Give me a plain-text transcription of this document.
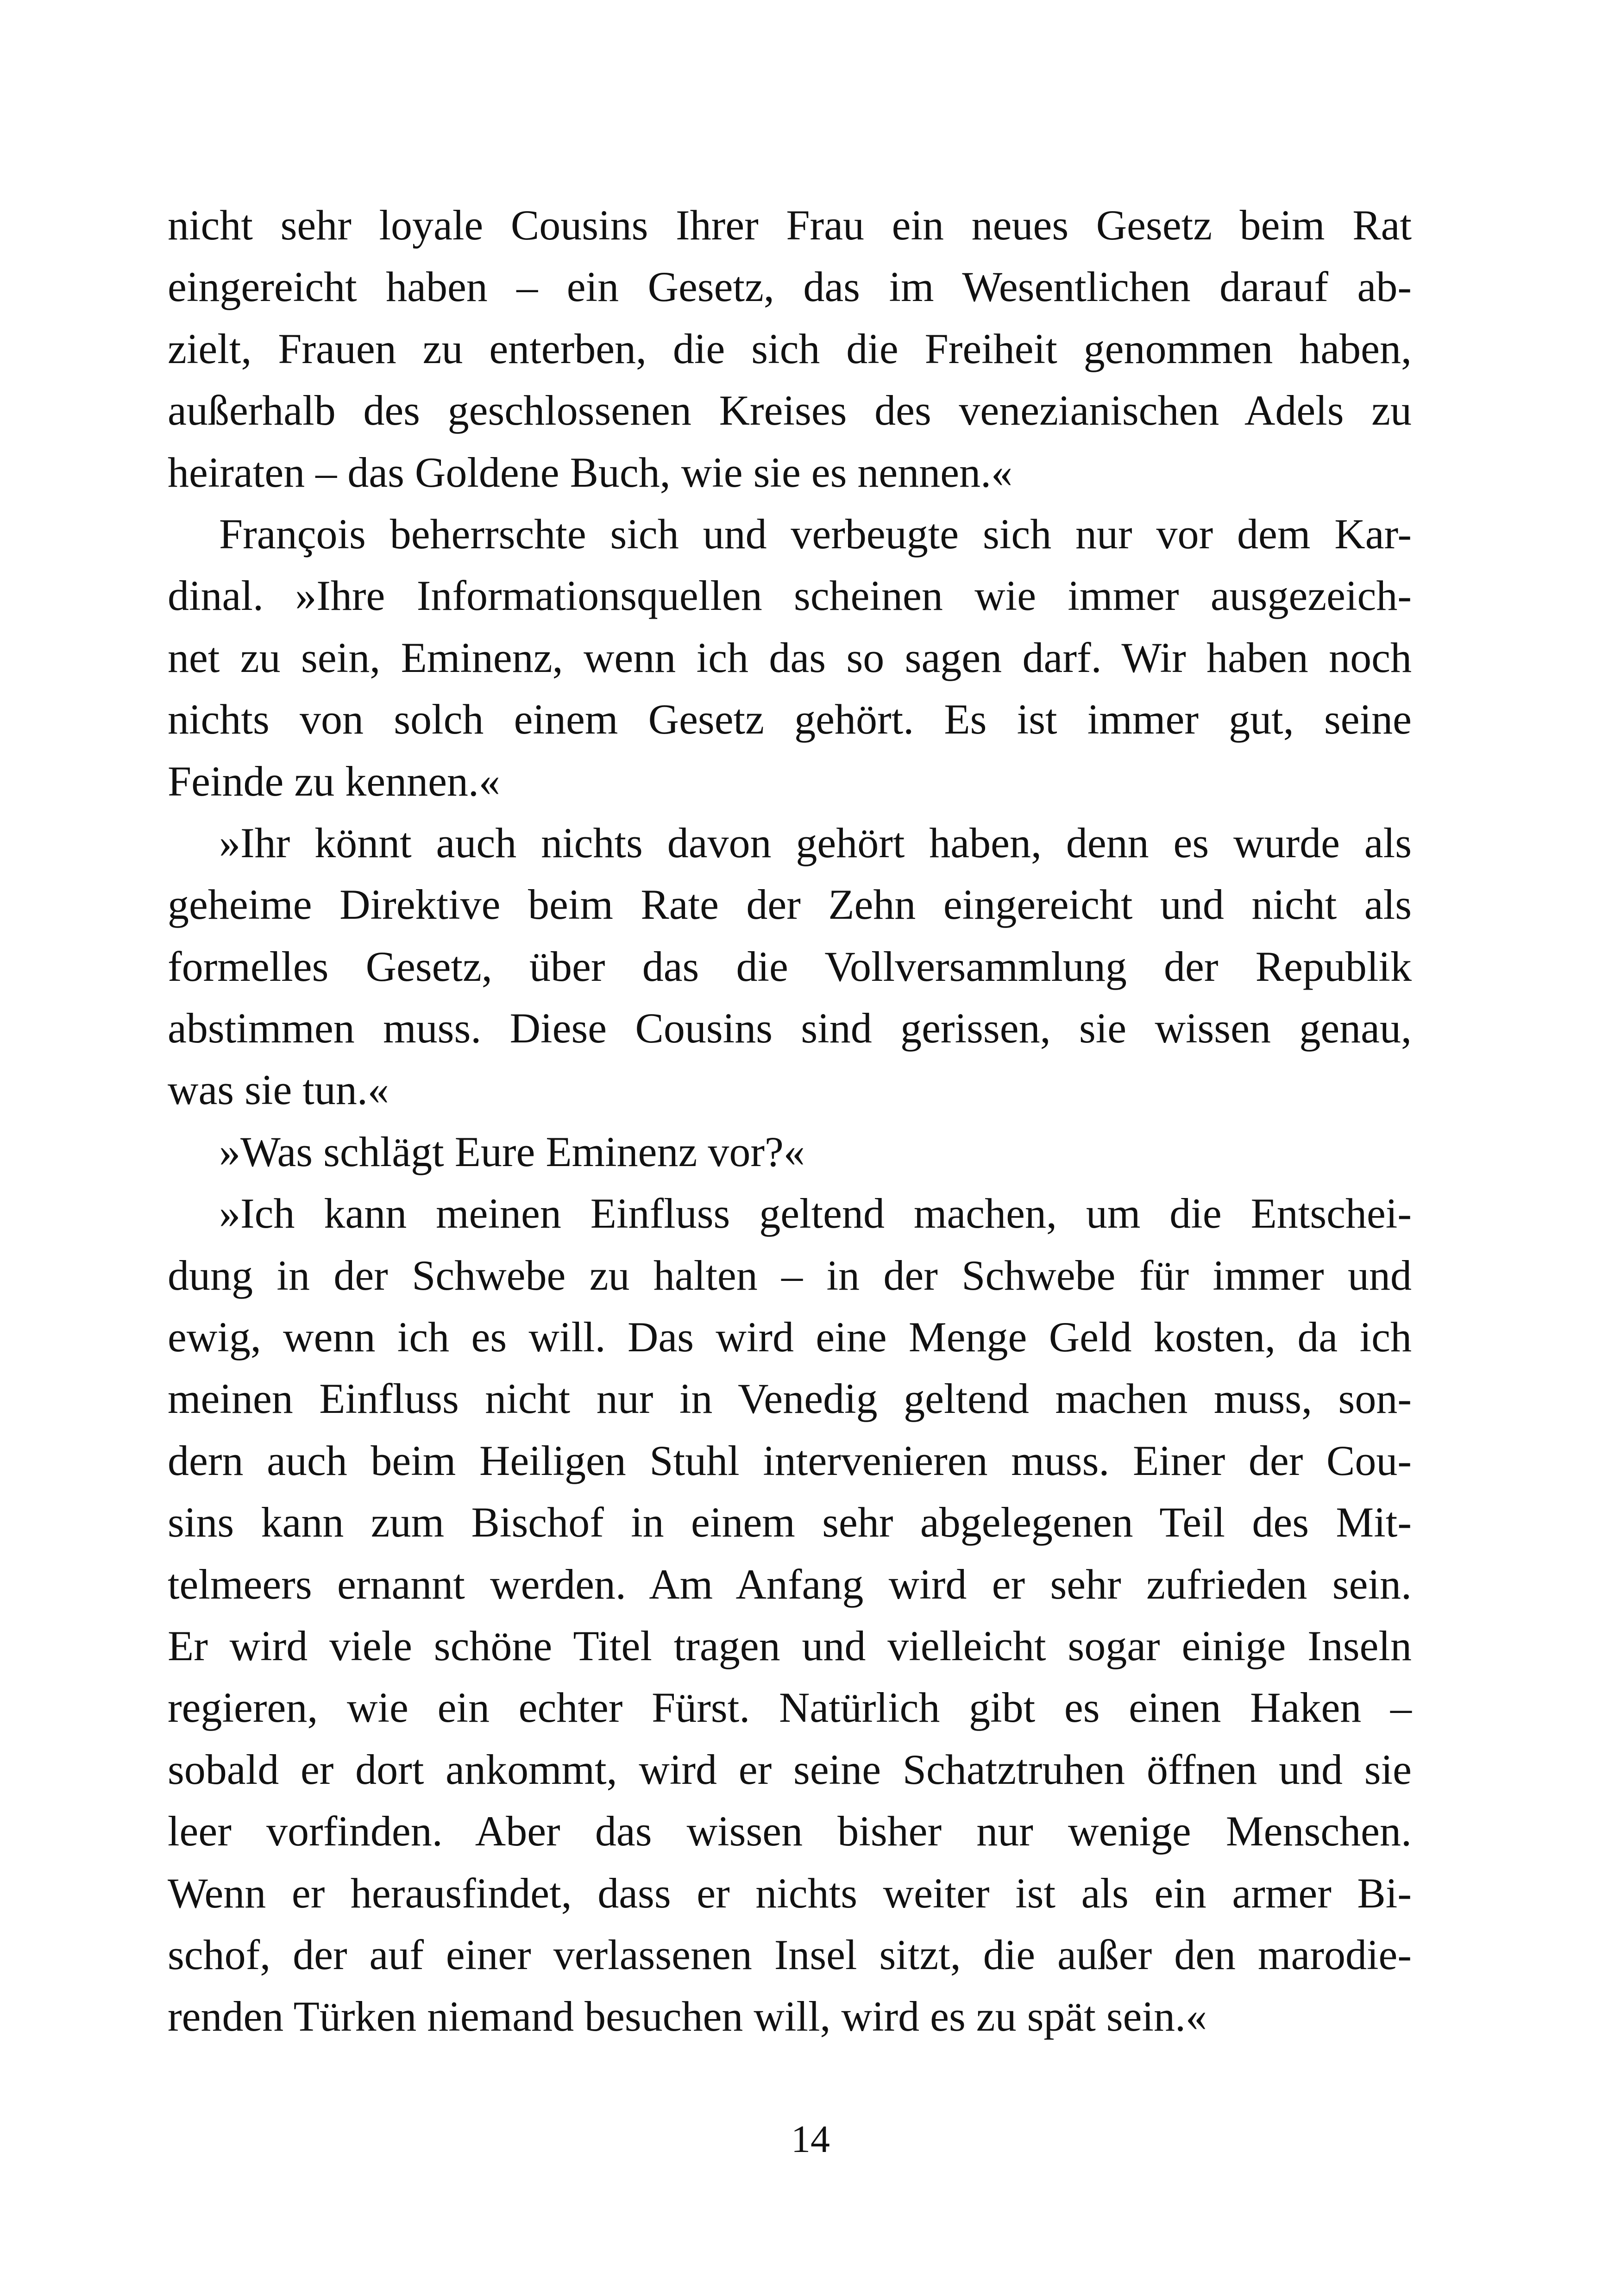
nicht sehr loyale Cousins Ihrer Frau ein neues Gesetz beim Rat
eingereicht haben – ein Gesetz, das im Wesentlichen darauf ab-
zielt, Frauen zu enterben, die sich die Freiheit genommen haben,
außerhalb des geschlossenen Kreises des venezianischen Adels zu
heiraten – das Goldene Buch, wie sie es nennen.«
François beherrschte sich und verbeugte sich nur vor dem Kar-
dinal. »Ihre Informationsquellen scheinen wie immer ausgezeich-
net zu sein, Eminenz, wenn ich das so sagen darf. Wir haben noch
nichts von solch einem Gesetz gehört. Es ist immer gut, seine
Feinde zu kennen.«
»Ihr könnt auch nichts davon gehört haben, denn es wurde als
geheime Direktive beim Rate der Zehn eingereicht und nicht als
formelles Gesetz, über das die Vollversammlung der Republik
abstimmen muss. Diese Cousins sind gerissen, sie wissen genau,
was sie tun.«
»Was schlägt Eure Eminenz vor?«
»Ich kann meinen Einfluss geltend machen, um die Entschei-
dung in der Schwebe zu halten – in der Schwebe für immer und
ewig, wenn ich es will. Das wird eine Menge Geld kosten, da ich
meinen Einfluss nicht nur in Venedig geltend machen muss, son-
dern auch beim Heiligen Stuhl intervenieren muss. Einer der Cou-
sins kann zum Bischof in einem sehr abgelegenen Teil des Mit-
telmeers ernannt werden. Am Anfang wird er sehr zufrieden sein.
Er wird viele schöne Titel tragen und vielleicht sogar einige Inseln
regieren, wie ein echter Fürst. Natürlich gibt es einen Haken –
sobald er dort ankommt, wird er seine Schatztruhen öffnen und sie
leer vorfinden. Aber das wissen bisher nur wenige Menschen.
Wenn er herausfindet, dass er nichts weiter ist als ein armer Bi-
schof, der auf einer verlassenen Insel sitzt, die außer den marodie-
renden Türken niemand besuchen will, wird es zu spät sein.«
14
